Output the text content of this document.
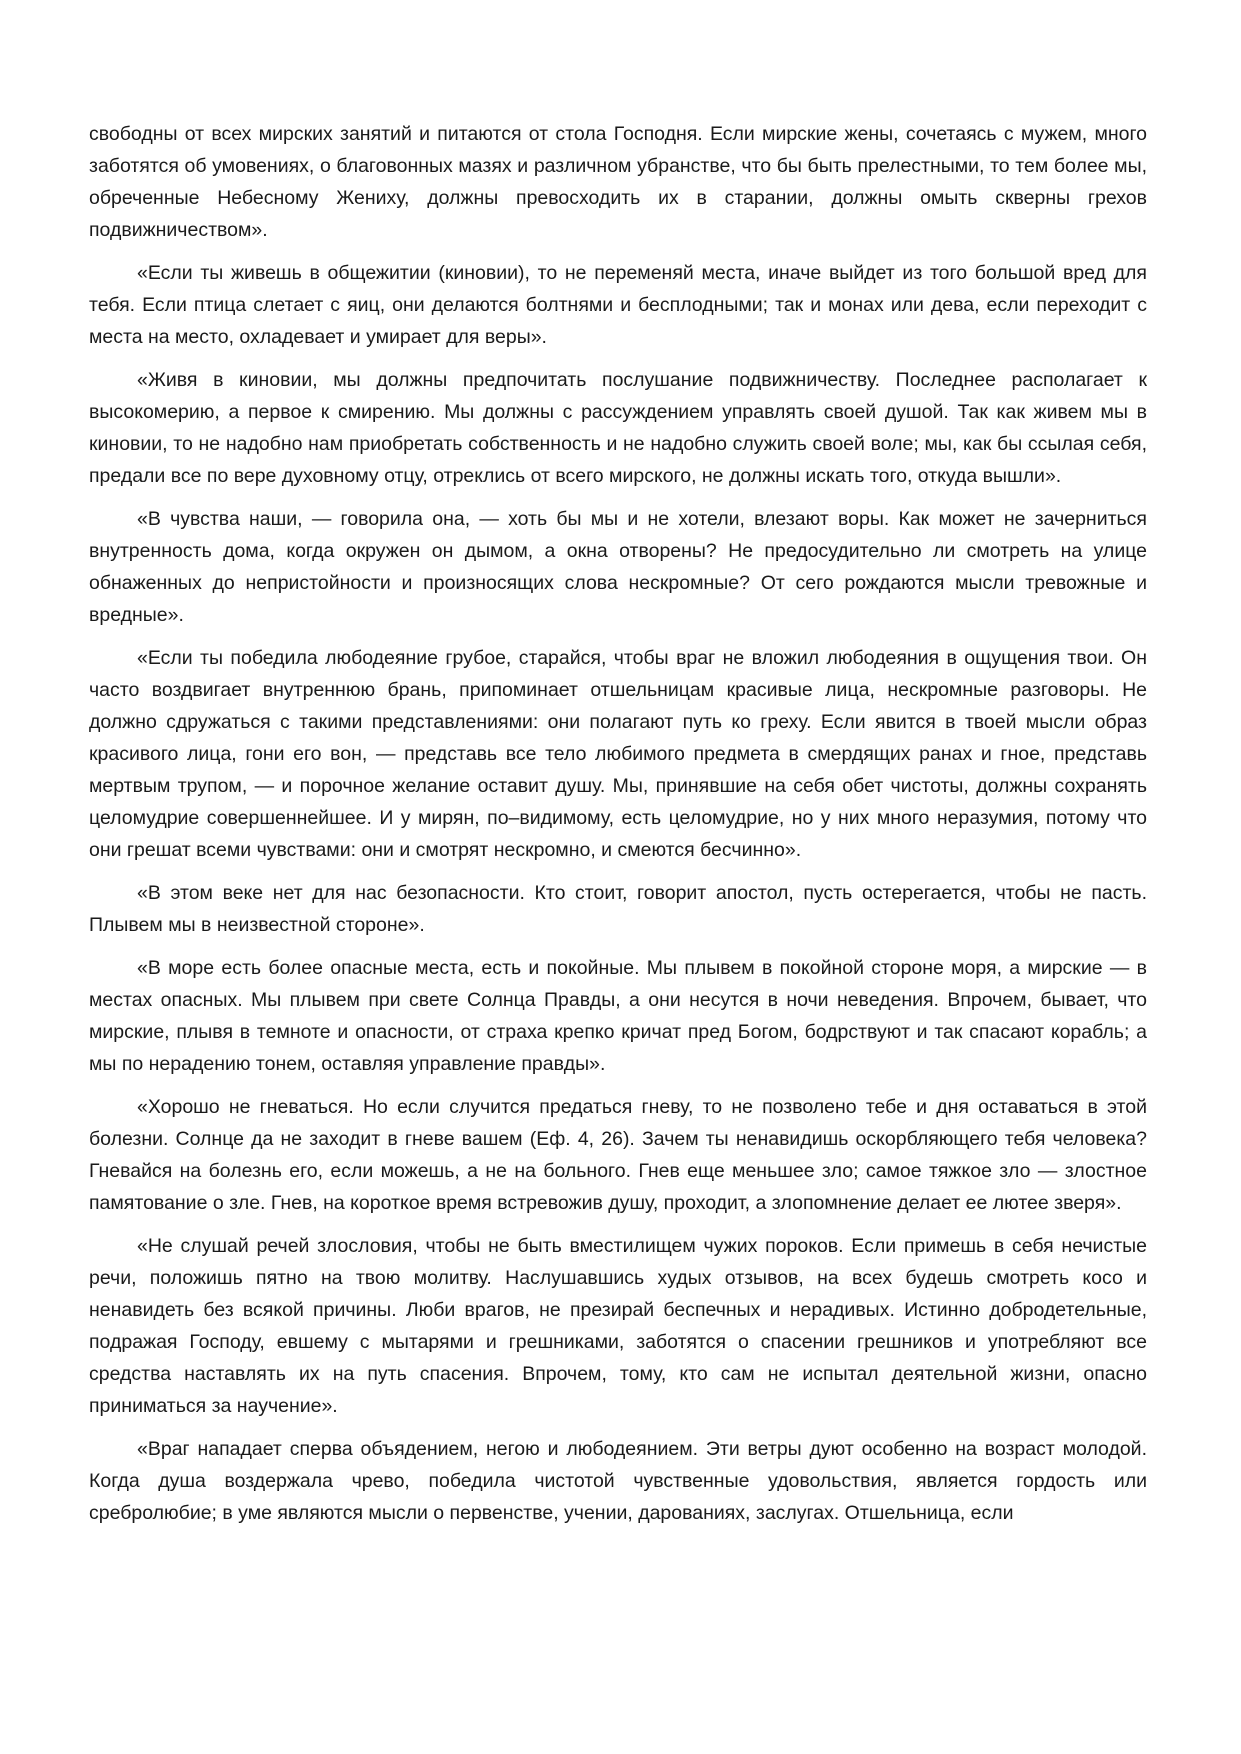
свободны от всех мирских занятий и питаются от стола Господня. Если мирские жены, сочетаясь с мужем, много заботятся об умовениях, о благовонных мазях и различном убранстве, что бы быть прелестными, то тем более мы, обреченные Небесному Жениху, должны превосходить их в старании, должны омыть скверны грехов подвижничеством».

«Если ты живешь в общежитии (киновии), то не переменяй места, иначе выйдет из того большой вред для тебя. Если птица слетает с яиц, они делаются болтнями и бесплодными; так и монах или дева, если переходит с места на место, охладевает и умирает для веры».

«Живя в киновии, мы должны предпочитать послушание подвижничеству. Последнее располагает к высокомерию, а первое к смирению. Мы должны с рассуждением управлять своей душой. Так как живем мы в киновии, то не надобно нам приобретать собственность и не надобно служить своей воле; мы, как бы ссылая себя, предали все по вере духовному отцу, отреклись от всего мирского, не должны искать того, откуда вышли».

«В чувства наши, — говорила она, — хоть бы мы и не хотели, влезают воры. Как может не зачерниться внутренность дома, когда окружен он дымом, а окна отворены? Не предосудительно ли смотреть на улице обнаженных до непристойности и произносящих слова нескромные? От сего рождаются мысли тревожные и вредные».

«Если ты победила любодеяние грубое, старайся, чтобы враг не вложил любодеяния в ощущения твои. Он часто воздвигает внутреннюю брань, припоминает отшельницам красивые лица, нескромные разговоры. Не должно сдружаться с такими представлениями: они полагают путь ко греху. Если явится в твоей мысли образ красивого лица, гони его вон, — представь все тело любимого предмета в смердящих ранах и гное, представь мертвым трупом, — и порочное желание оставит душу. Мы, принявшие на себя обет чистоты, должны сохранять целомудрие совершеннейшее. И у мирян, по–видимому, есть целомудрие, но у них много неразумия, потому что они грешат всеми чувствами: они и смотрят нескромно, и смеются бесчинно».

«В этом веке нет для нас безопасности. Кто стоит, говорит апостол, пусть остерегается, чтобы не пасть. Плывем мы в неизвестной стороне».

«В море есть более опасные места, есть и покойные. Мы плывем в покойной стороне моря, а мирские — в местах опасных. Мы плывем при свете Солнца Правды, а они несутся в ночи неведения. Впрочем, бывает, что мирские, плывя в темноте и опасности, от страха крепко кричат пред Богом, бодрствуют и так спасают корабль; а мы по нерадению тонем, оставляя управление правды».

«Хорошо не гневаться. Но если случится предаться гневу, то не позволено тебе и дня оставаться в этой болезни. Солнце да не заходит в гневе вашем (Еф. 4, 26). Зачем ты ненавидишь оскорбляющего тебя человека? Гневайся на болезнь его, если можешь, а не на больного. Гнев еще меньшее зло; самое тяжкое зло — злостное памятование о зле. Гнев, на короткое время встревожив душу, проходит, а злопомнение делает ее лютее зверя».

«Не слушай речей злословия, чтобы не быть вместилищем чужих пороков. Если примешь в себя нечистые речи, положишь пятно на твою молитву. Наслушавшись худых отзывов, на всех будешь смотреть косо и ненавидеть без всякой причины. Люби врагов, не презирай беспечных и нерадивых. Истинно добродетельные, подражая Господу, евшему с мытарями и грешниками, заботятся о спасении грешников и употребляют все средства наставлять их на путь спасения. Впрочем, тому, кто сам не испытал деятельной жизни, опасно приниматься за научение».

«Враг нападает сперва объядением, негою и любодеянием. Эти ветры дуют особенно на возраст молодой. Когда душа воздержала чрево, победила чистотой чувственные удовольствия, является гордость или сребролюбие; в уме являются мысли о первенстве, учении, дарованиях, заслугах. Отшельница, если
